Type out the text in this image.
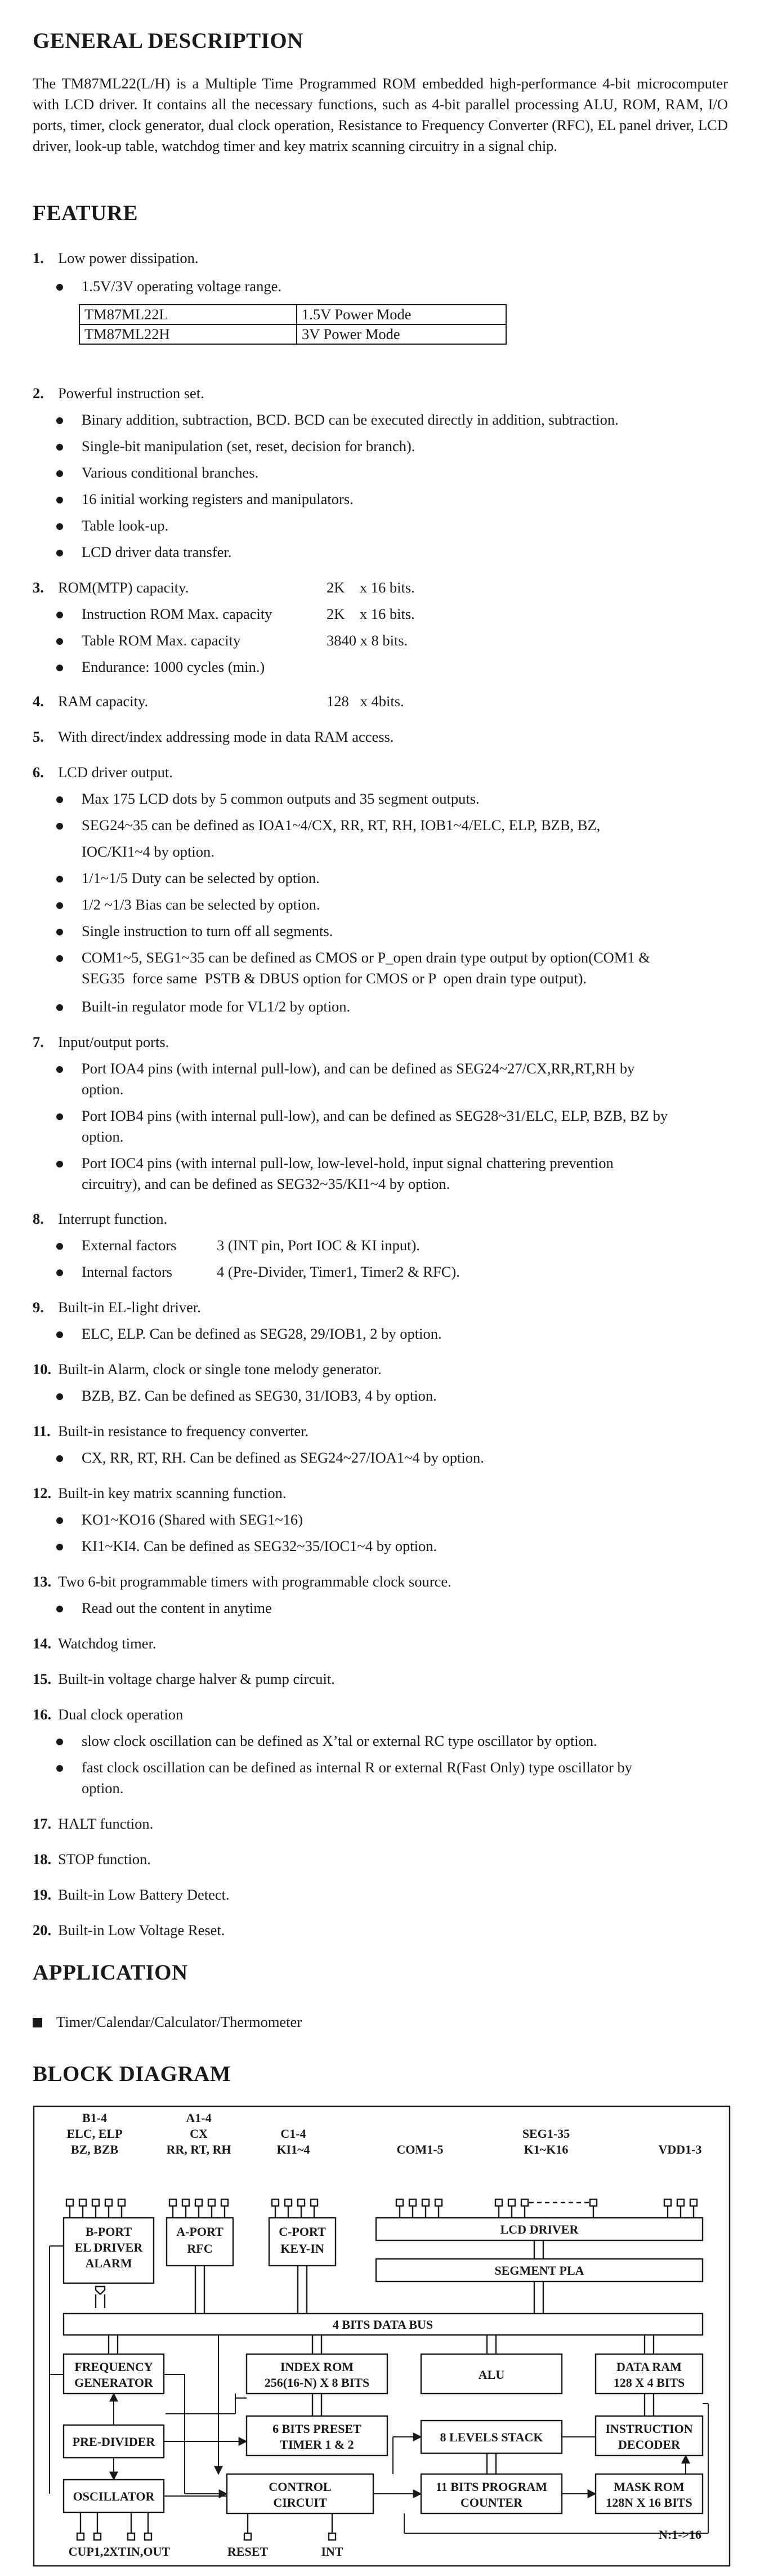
GENERAL DESCRIPTION

The TM87ML22(L/H) is a Multiple Time Programmed ROM embedded high-performance 4-bit microcomputer with LCD driver. It contains all the necessary functions, such as 4-bit parallel processing ALU, ROM, RAM, I/O ports, timer, clock generator, dual clock operation, Resistance to Frequency Converter (RFC), EL panel driver, LCD driver, look-up table, watchdog timer and key matrix scanning circuitry in a signal chip.

FEATURE
1. Low power dissipation.
1.5V/3V operating voltage range.
TM87ML22L	1.5V Power Mode
TM87ML22H	3V Power Mode
2. Powerful instruction set.
Binary addition, subtraction, BCD. BCD can be executed directly in addition, subtraction.
Single-bit manipulation (set, reset, decision for branch).
Various conditional branches.
16 initial working registers and manipulators.
Table look-up.
LCD driver data transfer.
3. ROM(MTP) capacity.	2K    x 16 bits.
Instruction ROM Max. capacity	2K    x 16 bits.
Table ROM Max. capacity	3840 x 8 bits.
Endurance: 1000 cycles (min.)
4. RAM capacity.	128   x 4bits.
5. With direct/index addressing mode in data RAM access.
6. LCD driver output.
Max 175 LCD dots by 5 common outputs and 35 segment outputs.
SEG24~35 can be defined as IOA1~4/CX, RR, RT, RH, IOB1~4/ELC, ELP, BZB, BZ,
IOC/KI1~4 by option.
1/1~1/5 Duty can be selected by option.
1/2 ~1/3 Bias can be selected by option.
Single instruction to turn off all segments.
COM1~5, SEG1~35 can be defined as CMOS or P_open drain type output by option(COM1 &
SEG35  force same  PSTB & DBUS option for CMOS or P  open drain type output).
Built-in regulator mode for VL1/2 by option.
7. Input/output ports.
Port IOA4 pins (with internal pull-low), and can be defined as SEG24~27/CX,RR,RT,RH by
option.
Port IOB4 pins (with internal pull-low), and can be defined as SEG28~31/ELC, ELP, BZB, BZ by
option.
Port IOC4 pins (with internal pull-low, low-level-hold, input signal chattering prevention
circuitry), and can be defined as SEG32~35/KI1~4 by option.
8. Interrupt function.
External factors	3 (INT pin, Port IOC & KI input).
Internal factors	4 (Pre-Divider, Timer1, Timer2 & RFC).
9. Built-in EL-light driver.
ELC, ELP. Can be defined as SEG28, 29/IOB1, 2 by option.
10. Built-in Alarm, clock or single tone melody generator.
BZB, BZ. Can be defined as SEG30, 31/IOB3, 4 by option.
11. Built-in resistance to frequency converter.
CX, RR, RT, RH. Can be defined as SEG24~27/IOA1~4 by option.
12. Built-in key matrix scanning function.
KO1~KO16 (Shared with SEG1~16)
KI1~KI4. Can be defined as SEG32~35/IOC1~4 by option.
13. Two 6-bit programmable timers with programmable clock source.
Read out the content in anytime
14. Watchdog timer.
15. Built-in voltage charge halver & pump circuit.
16. Dual clock operation
slow clock oscillation can be defined as X’tal or external RC type oscillator by option.
fast clock oscillation can be defined as internal R or external R(Fast Only) type oscillator by
option.
17. HALT function.
18. STOP function.
19. Built-in Low Battery Detect.
20. Built-in Low Voltage Reset.
APPLICATION
Timer/Calendar/Calculator/Thermometer
BLOCK DIAGRAM
B1-4
ELC, ELP
BZ, BZB
A1-4
CX
RR, RT, RH
C1-4
KI1~4	COM1-5
SEG1-35
K1~K16	VDD1-3
B-PORT
EL DRIVER
ALARM
A-PORT
RFC
C-PORT
KEY-IN
LCD DRIVER
SEGMENT PLA
4 BITS DATA BUS
FREQUENCY
GENERATOR
INDEX ROM
256(16-N) X 8 BITS
ALU
DATA RAM
128 X 4 BITS
PRE-DIVIDER
6 BITS PRESET
TIMER 1 & 2
8 LEVELS STACK
INSTRUCTION
DECODER
OSCILLATOR
CONTROL
CIRCUIT
11 BITS PROGRAM
COUNTER
MASK ROM
128N X 16 BITS
CUP1,2 XTIN,OUT	RESET	INT
N:1->16
